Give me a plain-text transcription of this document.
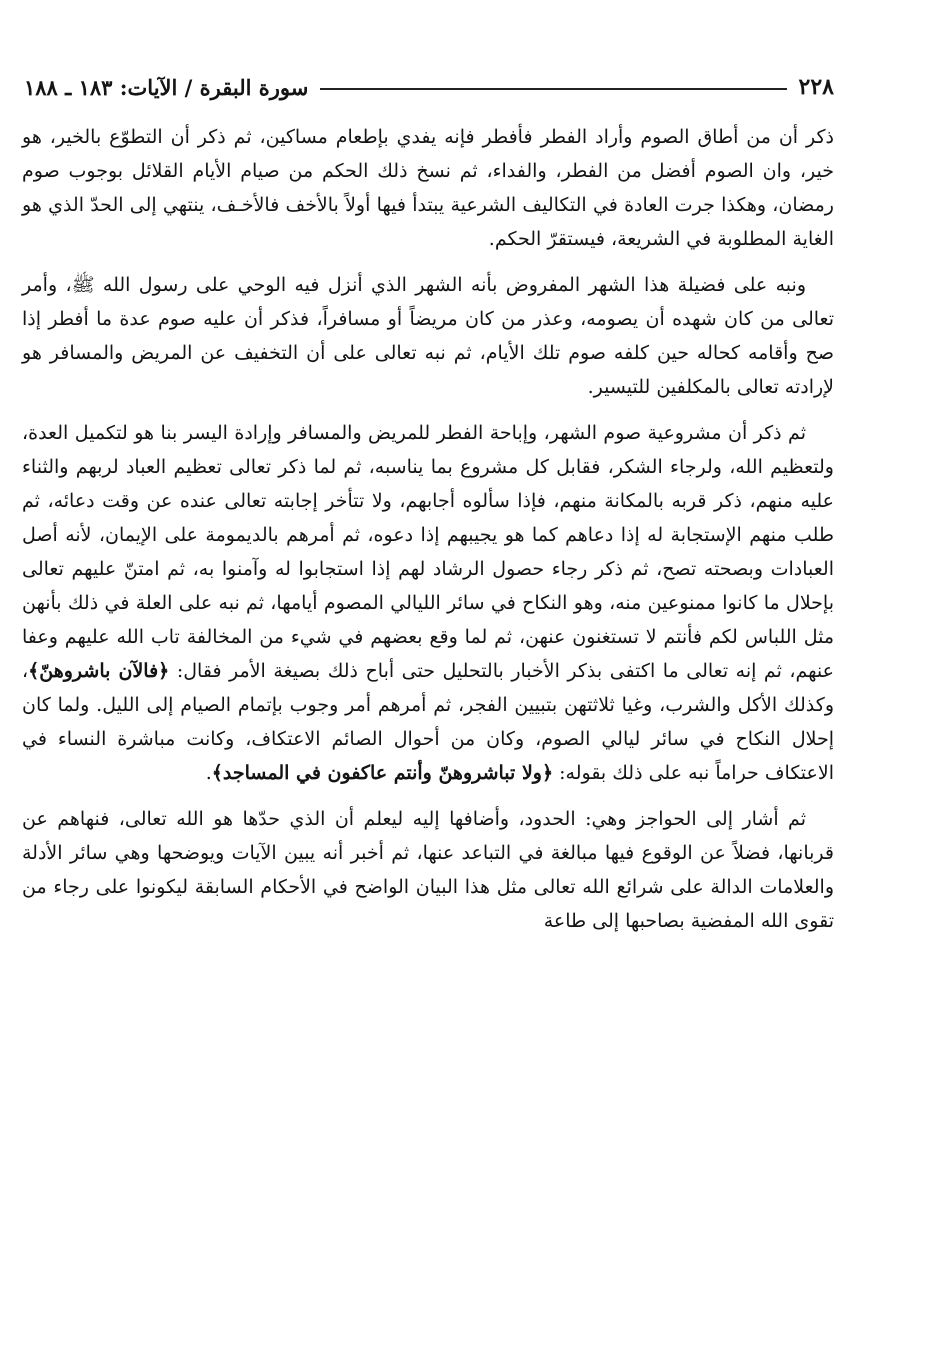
٢٢٨
سورة البقرة / الآيات: ١٨٣ ـ ١٨٨

ذكر أن من أطاق الصوم وأراد الفطر فأفطر فإنه يفدي بإطعام مساكين، ثم ذكر أن التطوّع بالخير، هو خير، وان الصوم أفضل من الفطر، والفداء، ثم نسخ ذلك الحكم من صيام الأيام القلائل بوجوب صوم رمضان، وهكذا جرت العادة في التكاليف الشرعية يبتدأ فيها أولاً بالأخف فالأخـف، ينتهي إلى الحدّ الذي هو الغاية المطلوبة في الشريعة، فيستقرّ الحكم.

ونبه على فضيلة هذا الشهر المفروض بأنه الشهر الذي أنزل فيه الوحي على رسول الله ﷺ، وأمر تعالى من كان شهده أن يصومه، وعذر من كان مريضاً أو مسافراً، فذكر أن عليه صوم عدة ما أفطر إذا صح وأقامه كحاله حين كلفه صوم تلك الأيام، ثم نبه تعالى على أن التخفيف عن المريض والمسافر هو لإرادته تعالى بالمكلفين للتيسير.

ثم ذكر أن مشروعية صوم الشهر، وإباحة الفطر للمريض والمسافر وإرادة اليسر بنا هو لتكميل العدة، ولتعظيم الله، ولرجاء الشكر، فقابل كل مشروع بما يناسبه، ثم لما ذكر تعالى تعظيم العباد لربهم والثناء عليه منهم، ذكر قربه بالمكانة منهم، فإذا سألوه أجابهم، ولا تتأخر إجابته تعالى عنده عن وقت دعائه، ثم طلب منهم الإستجابة له إذا دعاهم كما هو يجيبهم إذا دعوه، ثم أمرهم بالديمومة على الإيمان، لأنه أصل العبادات وبصحته تصح، ثم ذكر رجاء حصول الرشاد لهم إذا استجابوا له وآمنوا به، ثم امتنّ عليهم تعالى بإحلال ما كانوا ممنوعين منه، وهو النكاح في سائر الليالي المصوم أيامها، ثم نبه على العلة في ذلك بأنهن مثل اللباس لكم فأنتم لا تستغنون عنهن، ثم لما وقع بعضهم في شيء من المخالفة تاب الله عليهم وعفا عنهم، ثم إنه تعالى ما اكتفى بذكر الأخبار بالتحليل حتى أباح ذلك بصيغة الأمر فقال: ﴿فالآن باشروهنّ﴾، وكذلك الأكل والشرب، وغيا ثلاثتهن بتبيين الفجر، ثم أمرهم أمر وجوب بإتمام الصيام إلى الليل. ولما كان إحلال النكاح في سائر ليالي الصوم، وكان من أحوال الصائم الاعتكاف، وكانت مباشرة النساء في الاعتكاف حراماً نبه على ذلك بقوله: ﴿ولا تباشروهنّ وأنتم عاكفون في المساجد﴾.

ثم أشار إلى الحواجز وهي: الحدود، وأضافها إليه ليعلم أن الذي حدّها هو الله تعالى، فنهاهم عن قربانها، فضلاً عن الوقوع فيها مبالغة في التباعد عنها، ثم أخبر أنه يبين الآيات ويوضحها وهي سائر الأدلة والعلامات الدالة على شرائع الله تعالى مثل هذا البيان الواضح في الأحكام السابقة ليكونوا على رجاء من تقوى الله المفضية بصاحبها إلى طاعة
